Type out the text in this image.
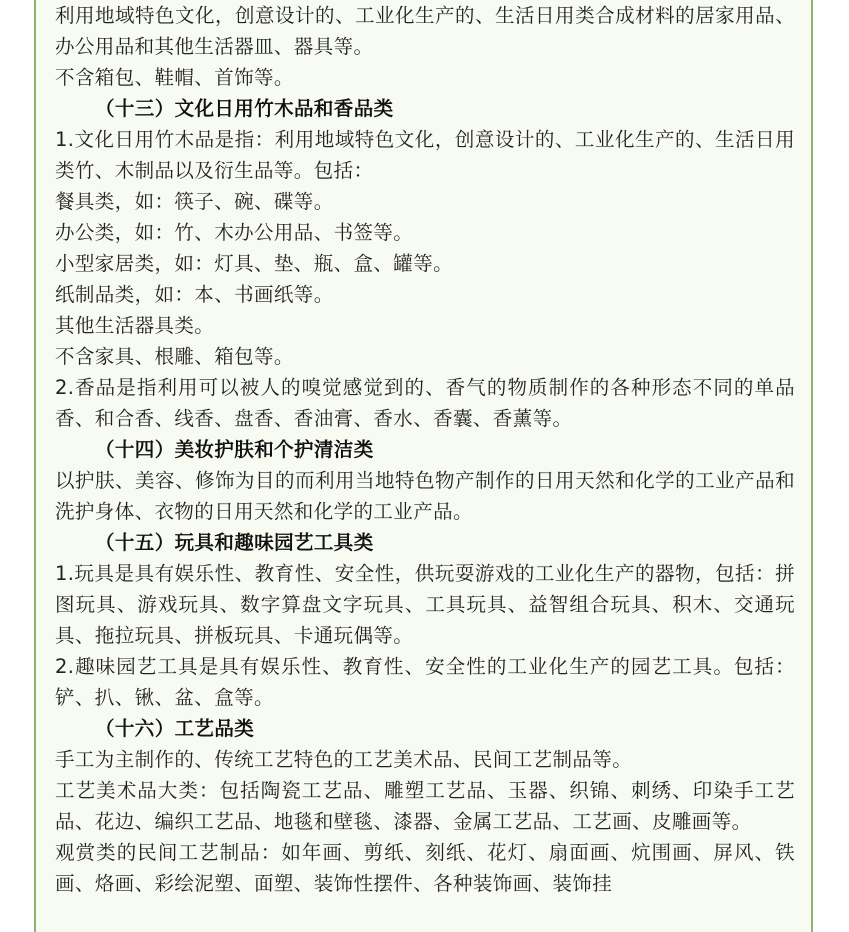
利用地域特色文化，创意设计的、工业化生产的、生活日用类合成材料的居家用品、办公用品和其他生活器皿、器具等。

不含箱包、鞋帽、首饰等。

（十三）文化日用竹木品和香品类

1.文化日用竹木品是指：利用地域特色文化，创意设计的、工业化生产的、生活日用类竹、木制品以及衍生品等。包括：

餐具类，如：筷子、碗、碟等。

办公类，如：竹、木办公用品、书签等。

小型家居类，如：灯具、垫、瓶、盒、罐等。

纸制品类，如：本、书画纸等。

其他生活器具类。

不含家具、根雕、箱包等。

2.香品是指利用可以被人的嗅觉感觉到的、香气的物质制作的各种形态不同的单品香、和合香、线香、盘香、香油膏、香水、香囊、香薰等。

（十四）美妆护肤和个护清洁类

以护肤、美容、修饰为目的而利用当地特色物产制作的日用天然和化学的工业产品和洗护身体、衣物的日用天然和化学的工业产品。

（十五）玩具和趣味园艺工具类

1.玩具是具有娱乐性、教育性、安全性，供玩耍游戏的工业化生产的器物，包括：拼图玩具、游戏玩具、数字算盘文字玩具、工具玩具、益智组合玩具、积木、交通玩具、拖拉玩具、拼板玩具、卡通玩偶等。

2.趣味园艺工具是具有娱乐性、教育性、安全性的工业化生产的园艺工具。包括：铲、扒、锹、盆、盒等。

（十六）工艺品类

手工为主制作的、传统工艺特色的工艺美术品、民间工艺制品等。

工艺美术品大类：包括陶瓷工艺品、雕塑工艺品、玉器、织锦、刺绣、印染手工艺品、花边、编织工艺品、地毯和壁毯、漆器、金属工艺品、工艺画、皮雕画等。

观赏类的民间工艺制品：如年画、剪纸、刻纸、花灯、扇面画、炕围画、屏风、铁画、烙画、彩绘泥塑、面塑、装饰性摆件、各种装饰画、装饰挂
